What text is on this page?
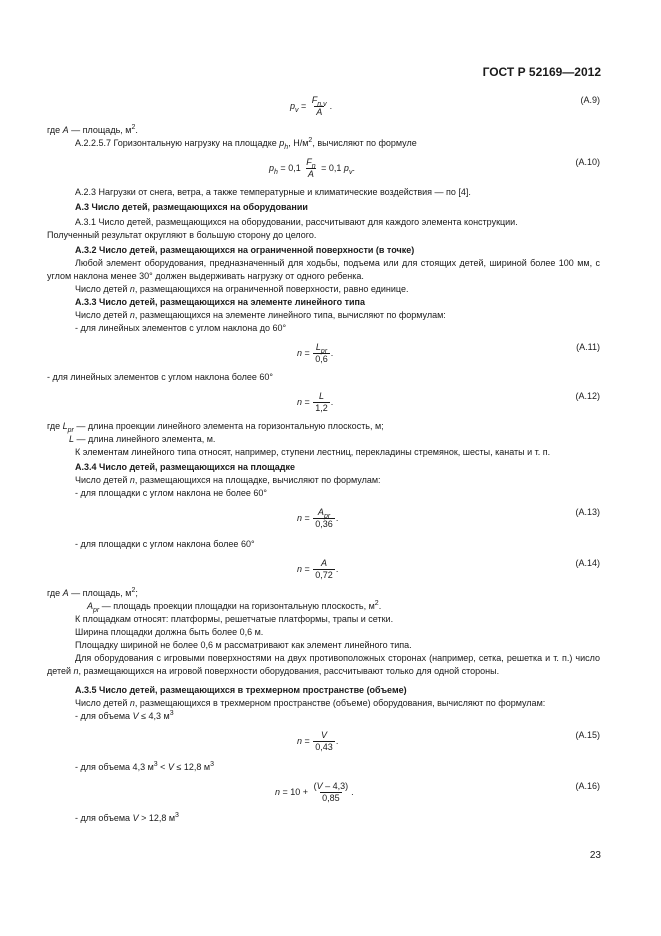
ГОСТ Р 52169—2012
$p_v = \frac{F_{n,v}}{A}$ .
(А.9)

где A — площадь, $м^2$.

А.2.2.5.7 Горизонтальную нагрузку на площадке $p_h$, $Н/м^2$, вычисляют по формуле

$p_h = 0,1 \frac{F_n}{A} = 0,1$ $p_v$ .
(А.10)

А.2.3 Нагрузки от снега, ветра, а также температурные и климатические воздействия — по [4].

А.3 Число детей, размещающихся на оборудовании

А.3.1 Число детей, размещающихся на оборудовании, рассчитывают для каждого элемента конструкции.

Полученный результат округляют в большую сторону до целого.

А.3.2 Число детей, размещающихся на ограниченной поверхности (в точке)

Любой элемент оборудования, предназначенный для ходьбы, подъема или для стоящих детей, шириной более 100 мм, с углом наклона менее 30° должен выдерживать нагрузку от одного ребенка.

Число детей n, размещающихся на ограниченной поверхности, равно единице.

А.3.3 Число детей, размещающихся на элементе линейного типа

Число детей n, размещающихся на элементе линейного типа, вычисляют по формулам:

- для линейных элементов с углом наклона до 60°

$n = \frac{L_{pr}}{0,6}$ .
(А.11)

- для линейных элементов с углом наклона более 60°

$n = \frac{L}{1,2}$ .
(А.12)

где $L_{pr}$ — длина проекции линейного элемента на горизонтальную плоскость, м;

L — длина линейного элемента, м.

К элементам линейного типа относят, например, ступени лестниц, перекладины стремянок, шесты, канаты и т. п.

А.3.4 Число детей, размещающихся на площадке

Число детей n, размещающихся на площадке, вычисляют по формулам:

- для площадки с углом наклона не более 60°

$n = \frac{A_{pr}}{0,36}$ .
(А.13)

- для площадки с углом наклона более 60°

$n = \frac{A}{0,72}$ .
(А.14)

где A — площадь, $м^2$;

$A_{pr}$ — площадь проекции площадки на горизонтальную плоскость, $м^2$.

К площадкам относят: платформы, решетчатые платформы, трапы и сетки.

Ширина площадки должна быть более 0,6 м.

Площадку шириной не более 0,6 м рассматривают как элемент линейного типа.

Для оборудования с игровыми поверхностями на двух противоположных сторонах (например, сетка, решетка и т. п.) число детей n, размещающихся на игровой поверхности оборудования, рассчитывают только для одной стороны.

А.3.5 Число детей, размещающихся в трехмерном пространстве (объеме)

Число детей n, размещающихся в трехмерном пространстве (объеме) оборудования, вычисляют по формулам:

- для объема V ≤ 4,3 $м^3$

$n = \frac{V}{0,43}$ .
(А.15)

- для объема 4,3 $м^3 < V \le 12,8$ $м^3$

$n = 10 + \frac{(V - 4,3)}{0,85}$ .
(А.16)

- для объема V > 12,8 $м^3$

23
